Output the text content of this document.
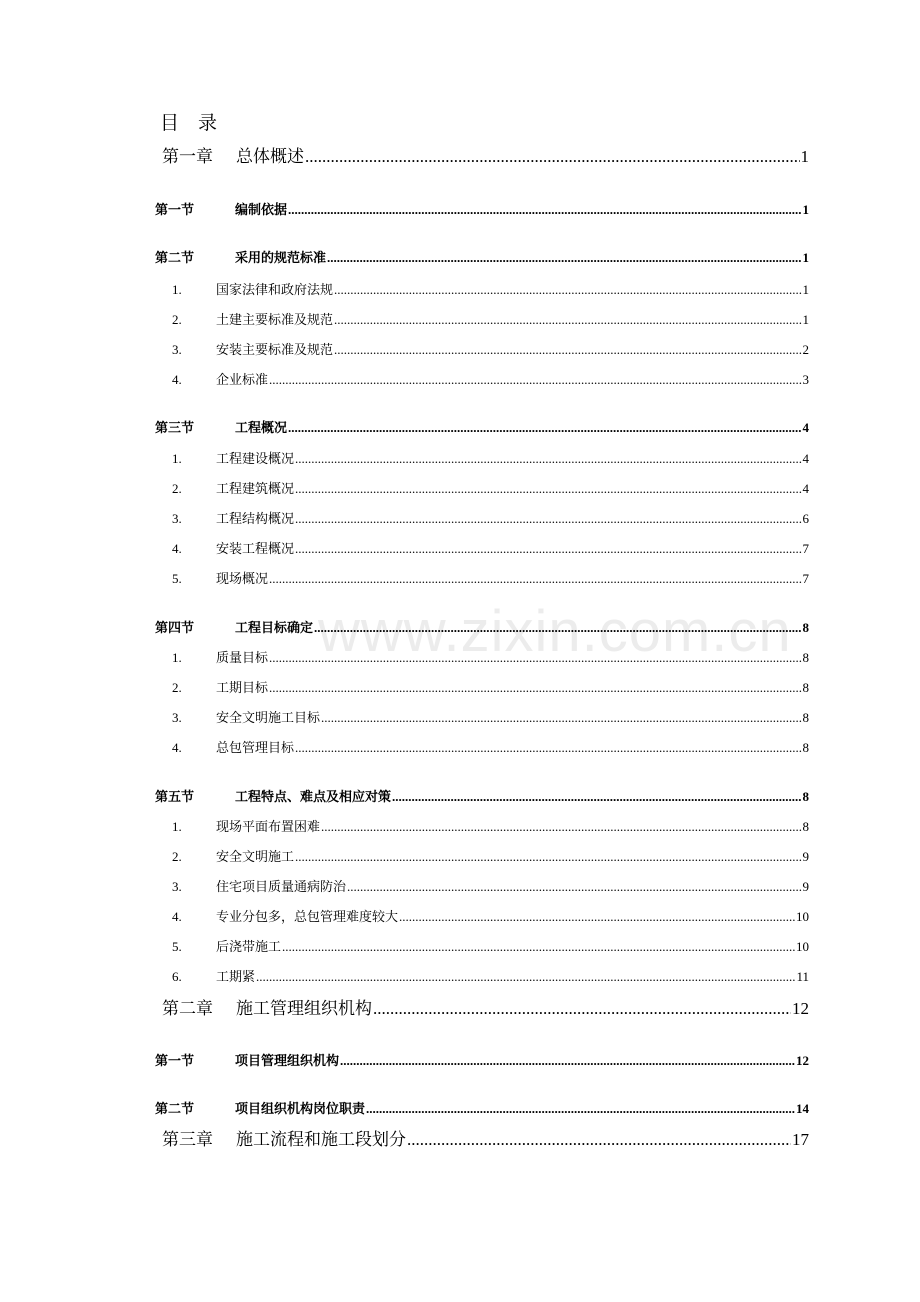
www.zixin.com.cn
目    录
第一章	总体概述 .....	1
第一节	编制依据 .....	1
第二节	采用的规范标准 .....	1
1.	国家法律和政府法规 .....	1
2.	土建主要标准及规范 .....	1
3.	安装主要标准及规范 .....	2
4.	企业标准 .....	3
第三节	工程概况 .....	4
1.	工程建设概况 .....	4
2.	工程建筑概况 .....	4
3.	工程结构概况 .....	6
4.	安装工程概况 .....	7
5.	现场概况 .....	7
第四节	工程目标确定 .....	8
1.	质量目标 .....	8
2.	工期目标 .....	8
3.	安全文明施工目标 .....	8
4.	总包管理目标 .....	8
第五节	工程特点、难点及相应对策 .....	8
1.	现场平面布置困难 .....	8
2.	安全文明施工 .....	9
3.	住宅项目质量通病防治 .....	9
4.	专业分包多，总包管理难度较大 .....	10
5.	后浇带施工 .....	10
6.	工期紧 .....	11
第二章	施工管理组织机构 .....	12
第一节	项目管理组织机构 .....	12
第二节	项目组织机构岗位职责 .....	14
第三章	施工流程和施工段划分 .....	17
